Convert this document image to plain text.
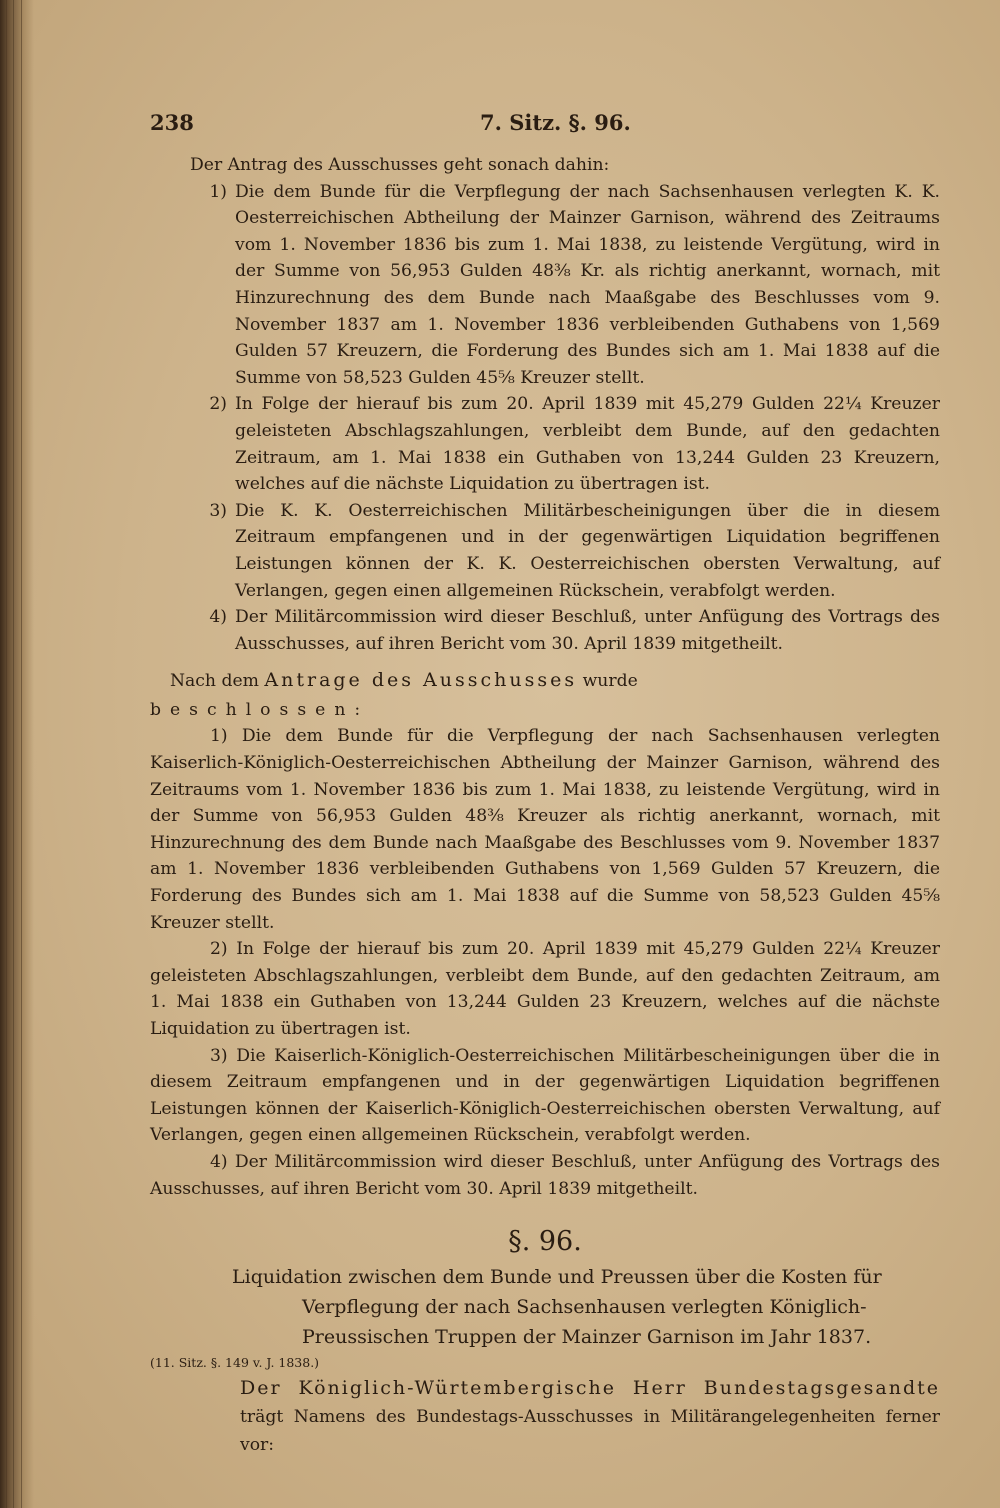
238	7. Sitz. §. 96.

Der Antrag des Ausschusses geht sonach dahin:

1) Die dem Bunde für die Verpflegung der nach Sachsenhausen verlegten K. K. Oesterreichischen Abtheilung der Mainzer Garnison, während des Zeitraums vom 1. November 1836 bis zum 1. Mai 1838, zu leistende Vergütung, wird in der Summe von 56,953 Gulden 48⅜ Kr. als richtig anerkannt, wornach, mit Hinzurechnung des dem Bunde nach Maaßgabe des Beschlusses vom 9. November 1837 am 1. November 1836 verbleibenden Guthabens von 1,569 Gulden 57 Kreuzern, die Forderung des Bundes sich am 1. Mai 1838 auf die Summe von 58,523 Gulden 45⅝ Kreuzer stellt.

2) In Folge der hierauf bis zum 20. April 1839 mit 45,279 Gulden 22¼ Kreuzer geleisteten Abschlagszahlungen, verbleibt dem Bunde, auf den gedachten Zeitraum, am 1. Mai 1838 ein Guthaben von 13,244 Gulden 23 Kreuzern, welches auf die nächste Liquidation zu übertragen ist.

3) Die K. K. Oesterreichischen Militärbescheinigungen über die in diesem Zeitraum empfangenen und in der gegenwärtigen Liquidation begriffenen Leistungen können der K. K. Oesterreichischen obersten Verwaltung, auf Verlangen, gegen einen allgemeinen Rückschein, verabfolgt werden.

4) Der Militärcommission wird dieser Beschluß, unter Anfügung des Vortrags des Ausschusses, auf ihren Bericht vom 30. April 1839 mitgetheilt.

Nach dem Antrage des Ausschusses wurde

beschlossen:

1) Die dem Bunde für die Verpflegung der nach Sachsenhausen verlegten Kaiserlich-Königlich-Oesterreichischen Abtheilung der Mainzer Garnison, während des Zeitraums vom 1. November 1836 bis zum 1. Mai 1838, zu leistende Vergütung, wird in der Summe von 56,953 Gulden 48⅜ Kreuzer als richtig anerkannt, wornach, mit Hinzurechnung des dem Bunde nach Maaßgabe des Beschlusses vom 9. November 1837 am 1. November 1836 verbleibenden Guthabens von 1,569 Gulden 57 Kreuzern, die Forderung des Bundes sich am 1. Mai 1838 auf die Summe von 58,523 Gulden 45⅝ Kreuzer stellt.

2) In Folge der hierauf bis zum 20. April 1839 mit 45,279 Gulden 22¼ Kreuzer geleisteten Abschlagszahlungen, verbleibt dem Bunde, auf den gedachten Zeitraum, am 1. Mai 1838 ein Guthaben von 13,244 Gulden 23 Kreuzern, welches auf die nächste Liquidation zu übertragen ist.

3) Die Kaiserlich-Königlich-Oesterreichischen Militärbescheinigungen über die in diesem Zeitraum empfangenen und in der gegenwärtigen Liquidation begriffenen Leistungen können der Kaiserlich-Königlich-Oesterreichischen obersten Verwaltung, auf Verlangen, gegen einen allgemeinen Rückschein, verabfolgt werden.

4) Der Militärcommission wird dieser Beschluß, unter Anfügung des Vortrags des Ausschusses, auf ihren Bericht vom 30. April 1839 mitgetheilt.

§. 96.

Liquidation zwischen dem Bunde und Preussen über die Kosten für Verpflegung der nach Sachsenhausen verlegten Königlich-Preussischen Truppen der Mainzer Garnison im Jahr 1837.

(11. Sitz. §. 149 v. J. 1838.)

Der Königlich-Würtembergische Herr Bundestagsgesandte trägt Namens des Bundestags-Ausschusses in Militärangelegenheiten ferner vor:
